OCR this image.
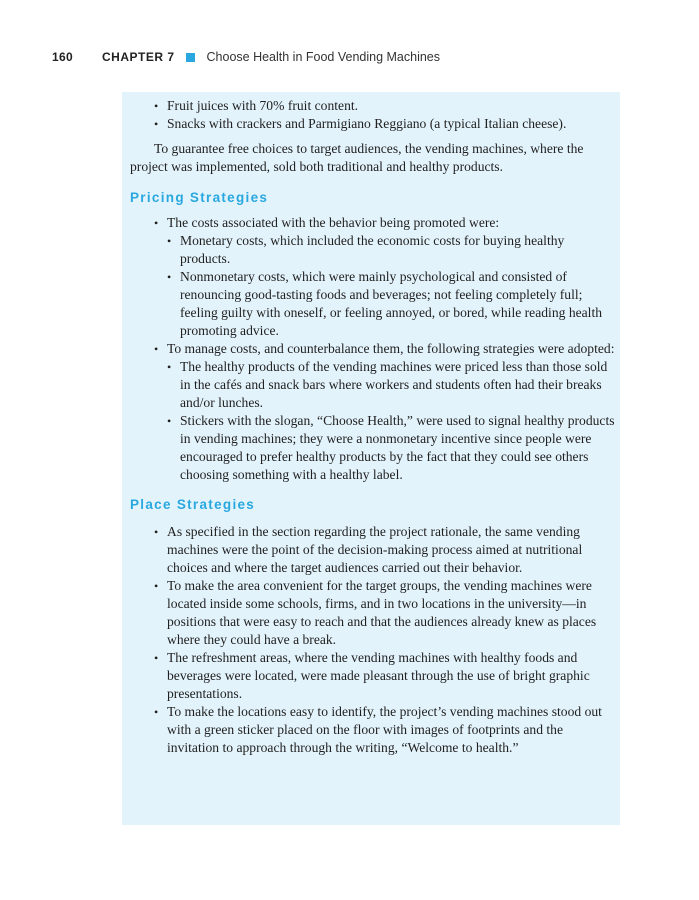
160	CHAPTER 7	Choose Health in Food Vending Machines
• Fruit juices with 70% fruit content.
• Snacks with crackers and Parmigiano Reggiano (a typical Italian cheese).

To guarantee free choices to target audiences, the vending machines, where the project was implemented, sold both traditional and healthy products.

Pricing Strategies
• The costs associated with the behavior being promoted were:
• Monetary costs, which included the economic costs for buying healthy products.
• Nonmonetary costs, which were mainly psychological and consisted of renouncing good-tasting foods and beverages; not feeling completely full; feeling guilty with oneself, or feeling annoyed, or bored, while reading health promoting advice.
• To manage costs, and counterbalance them, the following strategies were adopted:
• The healthy products of the vending machines were priced less than those sold in the cafés and snack bars where workers and students often had their breaks and/or lunches.
• Stickers with the slogan, “Choose Health,” were used to signal healthy products in vending machines; they were a nonmonetary incentive since people were encouraged to prefer healthy products by the fact that they could see others choosing something with a healthy label.
Place Strategies
• As specified in the section regarding the project rationale, the same vending machines were the point of the decision-making process aimed at nutritional choices and where the target audiences carried out their behavior.
• To make the area convenient for the target groups, the vending machines were located inside some schools, firms, and in two locations in the university—in positions that were easy to reach and that the audiences already knew as places where they could have a break.
• The refreshment areas, where the vending machines with healthy foods and beverages were located, were made pleasant through the use of bright graphic presentations.
• To make the locations easy to identify, the project’s vending machines stood out with a green sticker placed on the floor with images of footprints and the invitation to approach through the writing, “Welcome to health.”
